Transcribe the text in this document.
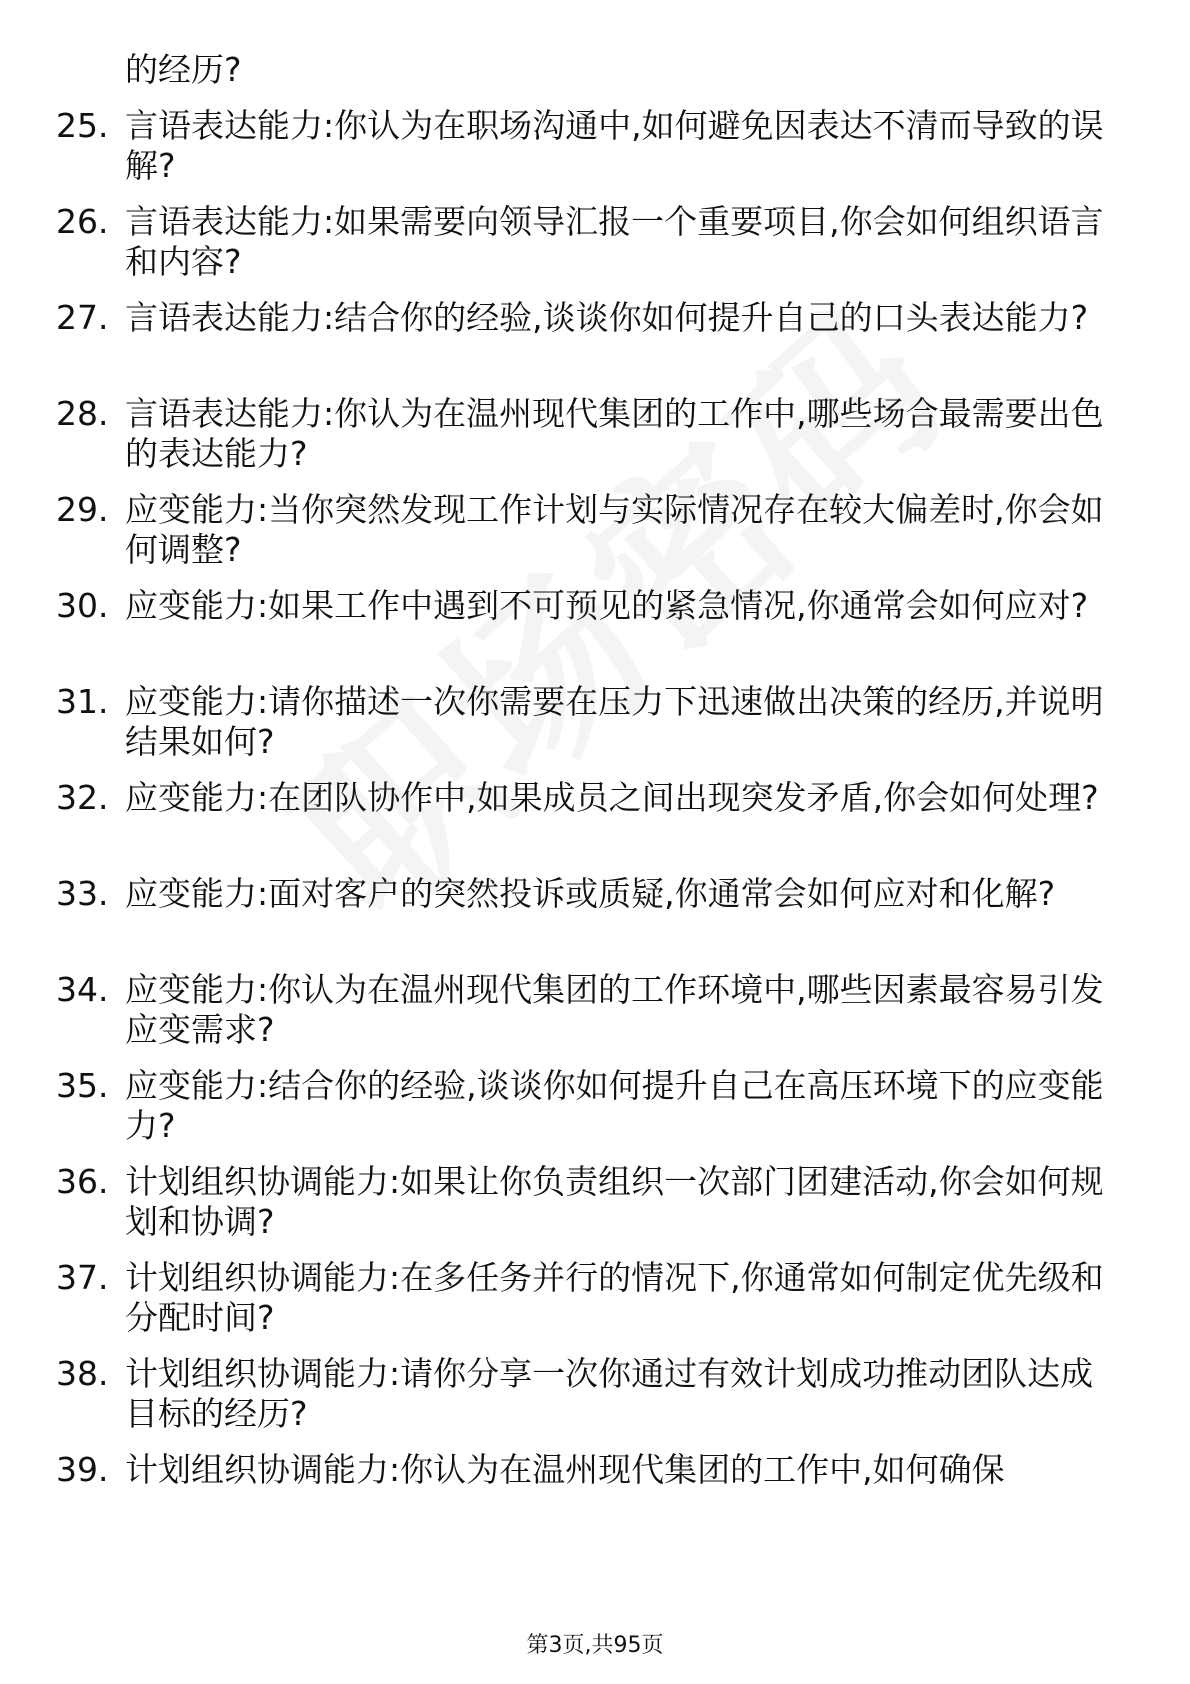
的经历?
25. 言语表达能力:你认为在职场沟通中,如何避免因表达不清而导致的误解?
26. 言语表达能力:如果需要向领导汇报一个重要项目,你会如何组织语言和内容?
27. 言语表达能力:结合你的经验,谈谈你如何提升自己的口头表达能力?
28. 言语表达能力:你认为在温州现代集团的工作中,哪些场合最需要出色的表达能力?
29. 应变能力:当你突然发现工作计划与实际情况存在较大偏差时,你会如何调整?
30. 应变能力:如果工作中遇到不可预见的紧急情况,你通常会如何应对?
31. 应变能力:请你描述一次你需要在压力下迅速做出决策的经历,并说明结果如何?
32. 应变能力:在团队协作中,如果成员之间出现突发矛盾,你会如何处理?
33. 应变能力:面对客户的突然投诉或质疑,你通常会如何应对和化解?
34. 应变能力:你认为在温州现代集团的工作环境中,哪些因素最容易引发应变需求?
35. 应变能力:结合你的经验,谈谈你如何提升自己在高压环境下的应变能力?
36. 计划组织协调能力:如果让你负责组织一次部门团建活动,你会如何规划和协调?
37. 计划组织协调能力:在多任务并行的情况下,你通常如何制定优先级和分配时间?
38. 计划组织协调能力:请你分享一次你通过有效计划成功推动团队达成目标的经历?
39. 计划组织协调能力:你认为在温州现代集团的工作中,如何确保
第3页,共95页
